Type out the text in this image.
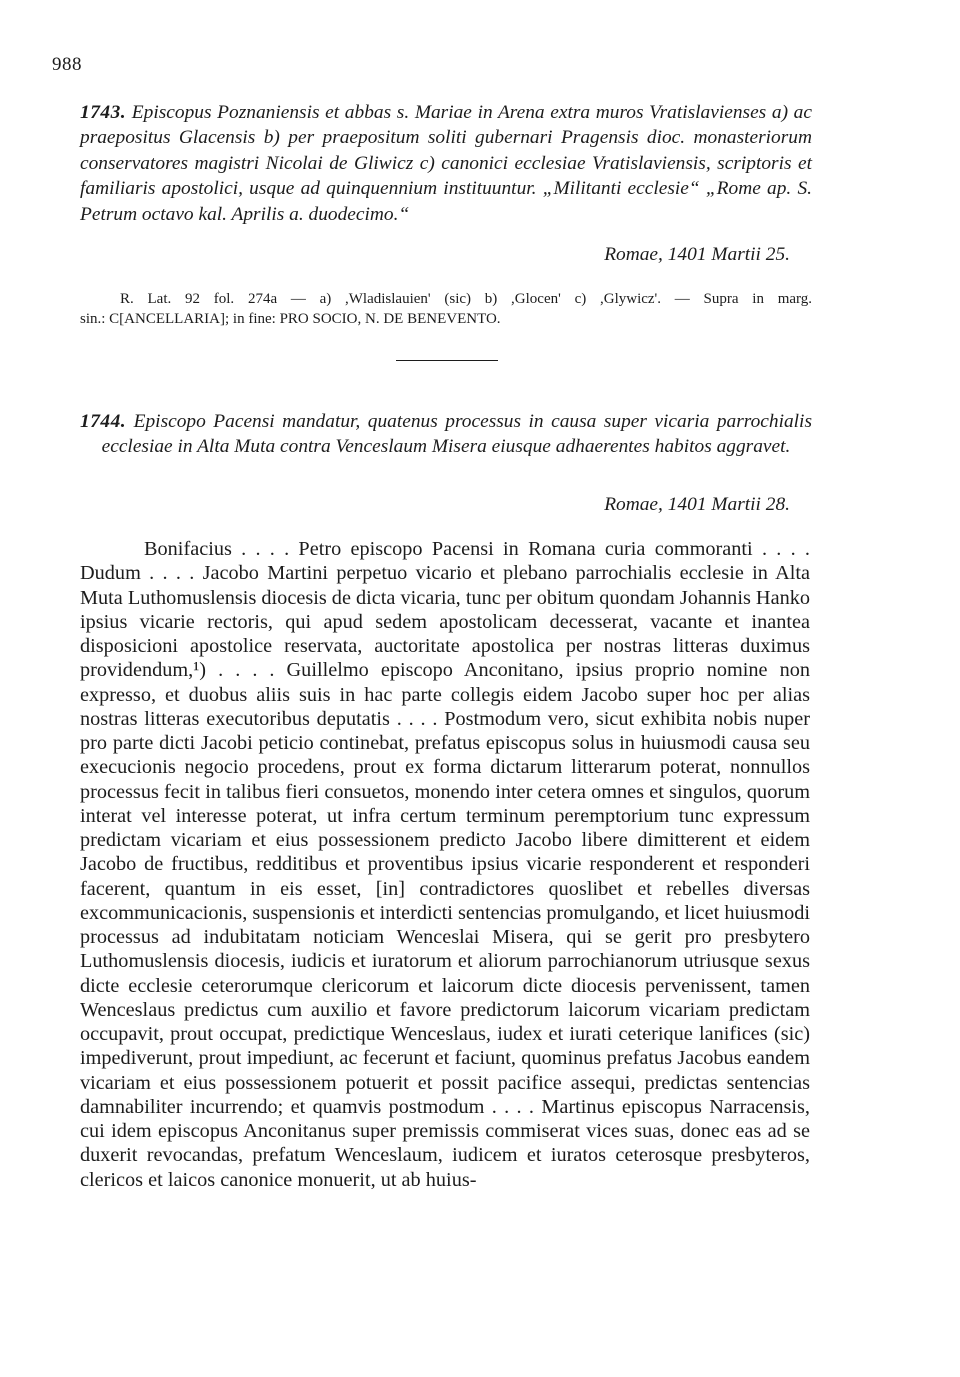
988

1743. Episcopus Poznaniensis et abbas s. Mariae in Arena extra muros Vratislavienses a) ac praepositus Glacensis b) per praepositum soliti gubernari Pragensis dioc. monasteriorum conservatores magistri Nicolai de Gliwicz c) canonici ecclesiae Vratislaviensis, scriptoris et familiaris apostolici, usque ad quinquennium instituuntur. „Militanti ecclesie“ „Rome ap. S. Petrum octavo kal. Aprilis a. duodecimo.“

Romae, 1401 Martii 25.

R. Lat. 92 fol. 274a — a) ,Wladislauien' (sic) b) ,Glocen' c) ,Glywicz'. — Supra in marg.
sin.: C[ANCELLARIA]; in fine: PRO SOCIO, N. DE BENEVENTO.

1744. Episcopo Pacensi mandatur, quatenus processus in causa super vicaria parrochialis ecclesiae in Alta Muta contra Venceslaum Misera eiusque adhaerentes habitos aggravet.

Romae, 1401 Martii 28.

Bonifacius . . . . Petro episcopo Pacensi in Romana curia commoranti . . . . Dudum . . . . Jacobo Martini perpetuo vicario et plebano parrochialis ecclesie in Alta Muta Luthomuslensis diocesis de dicta vicaria, tunc per obitum quondam Johannis Hanko ipsius vicarie rectoris, qui apud sedem apostolicam decesserat, vacante et inantea disposicioni apostolice reservata, auctoritate apostolica per nostras litteras duximus providendum,¹) . . . . Guillelmo episcopo Anconitano, ipsius proprio nomine non expresso, et duobus aliis suis in hac parte collegis eidem Jacobo super hoc per alias nostras litteras executoribus deputatis . . . . Postmodum vero, sicut exhibita nobis nuper pro parte dicti Jacobi peticio continebat, prefatus episcopus solus in huiusmodi causa seu execucionis negocio procedens, prout ex forma dictarum litterarum poterat, nonnullos processus fecit in talibus fieri consuetos, monendo inter cetera omnes et singulos, quorum interat vel interesse poterat, ut infra certum terminum peremptorium tunc expressum predictam vicariam et eius possessionem predicto Jacobo libere dimitterent et eidem Jacobo de fructibus, redditibus et proventibus ipsius vicarie responderent et responderi facerent, quantum in eis esset, [in] contradictores quoslibet et rebelles diversas excommunicacionis, suspensionis et interdicti sentencias promulgando, et licet huiusmodi processus ad indubitatam noticiam Wenceslai Misera, qui se gerit pro presbytero Luthomuslensis diocesis, iudicis et iuratorum et aliorum parrochianorum utriusque sexus dicte ecclesie ceterorumque clericorum et laicorum dicte diocesis pervenissent, tamen Wenceslaus predictus cum auxilio et favore predictorum laicorum vicariam predictam occupavit, prout occupat, predictique Wenceslaus, iudex et iurati ceterique lanifices (sic) impediverunt, prout impediunt, ac fecerunt et faciunt, quominus prefatus Jacobus eandem vicariam et eius possessionem potuerit et possit pacifice assequi, predictas sentencias damnabiliter incurrendo; et quamvis postmodum . . . . Martinus episcopus Narracensis, cui idem episcopus Anconitanus super premissis commiserat vices suas, donec eas ad se duxerit revocandas, prefatum Wenceslaum, iudicem et iuratos ceterosque presbyteros, clericos et laicos canonice monuerit, ut ab huius-
